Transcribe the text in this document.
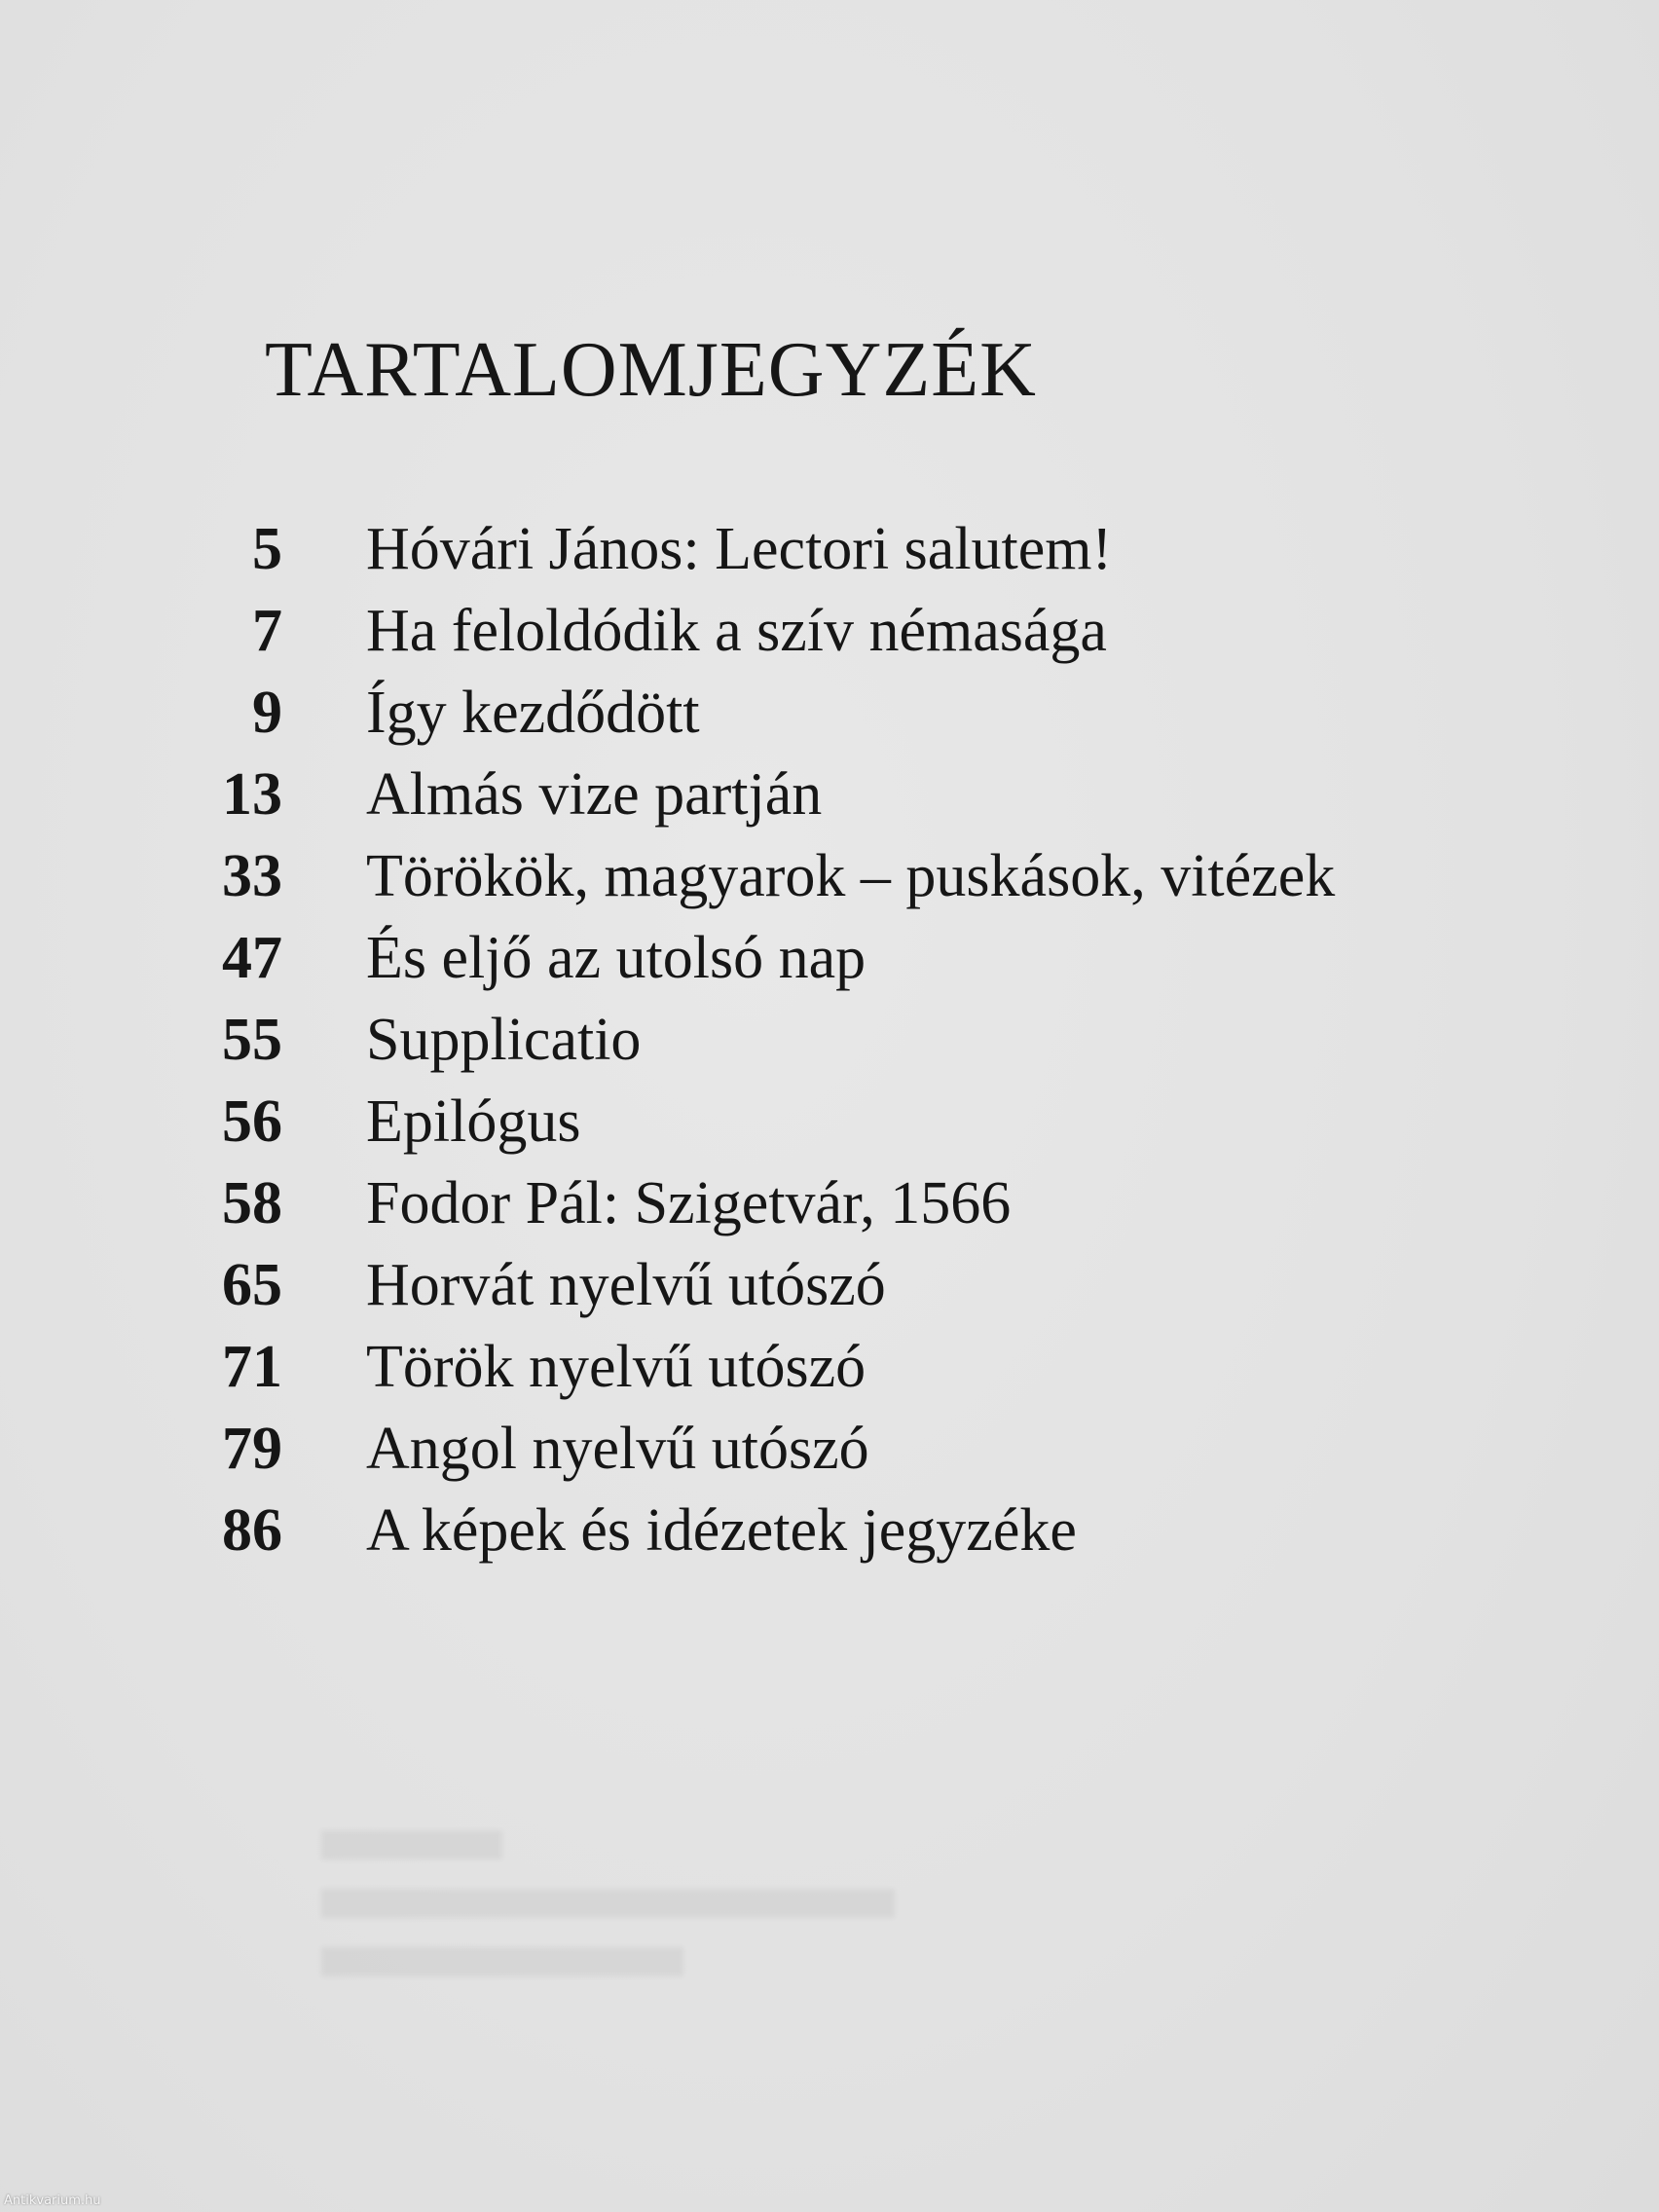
TARTALOMJEGYZÉK
5 Hóvári János: Lectori salutem!
7 Ha feloldódik a szív némasága
9 Így kezdődött
13 Almás vize partján
33 Törökök, magyarok – puskások, vitézek
47 És eljő az utolsó nap
55 Supplicatio
56 Epilógus
58 Fodor Pál: Szigetvár, 1566
65 Horvát nyelvű utószó
71 Török nyelvű utószó
79 Angol nyelvű utószó
86 A képek és idézetek jegyzéke
Antikvarium.hu
